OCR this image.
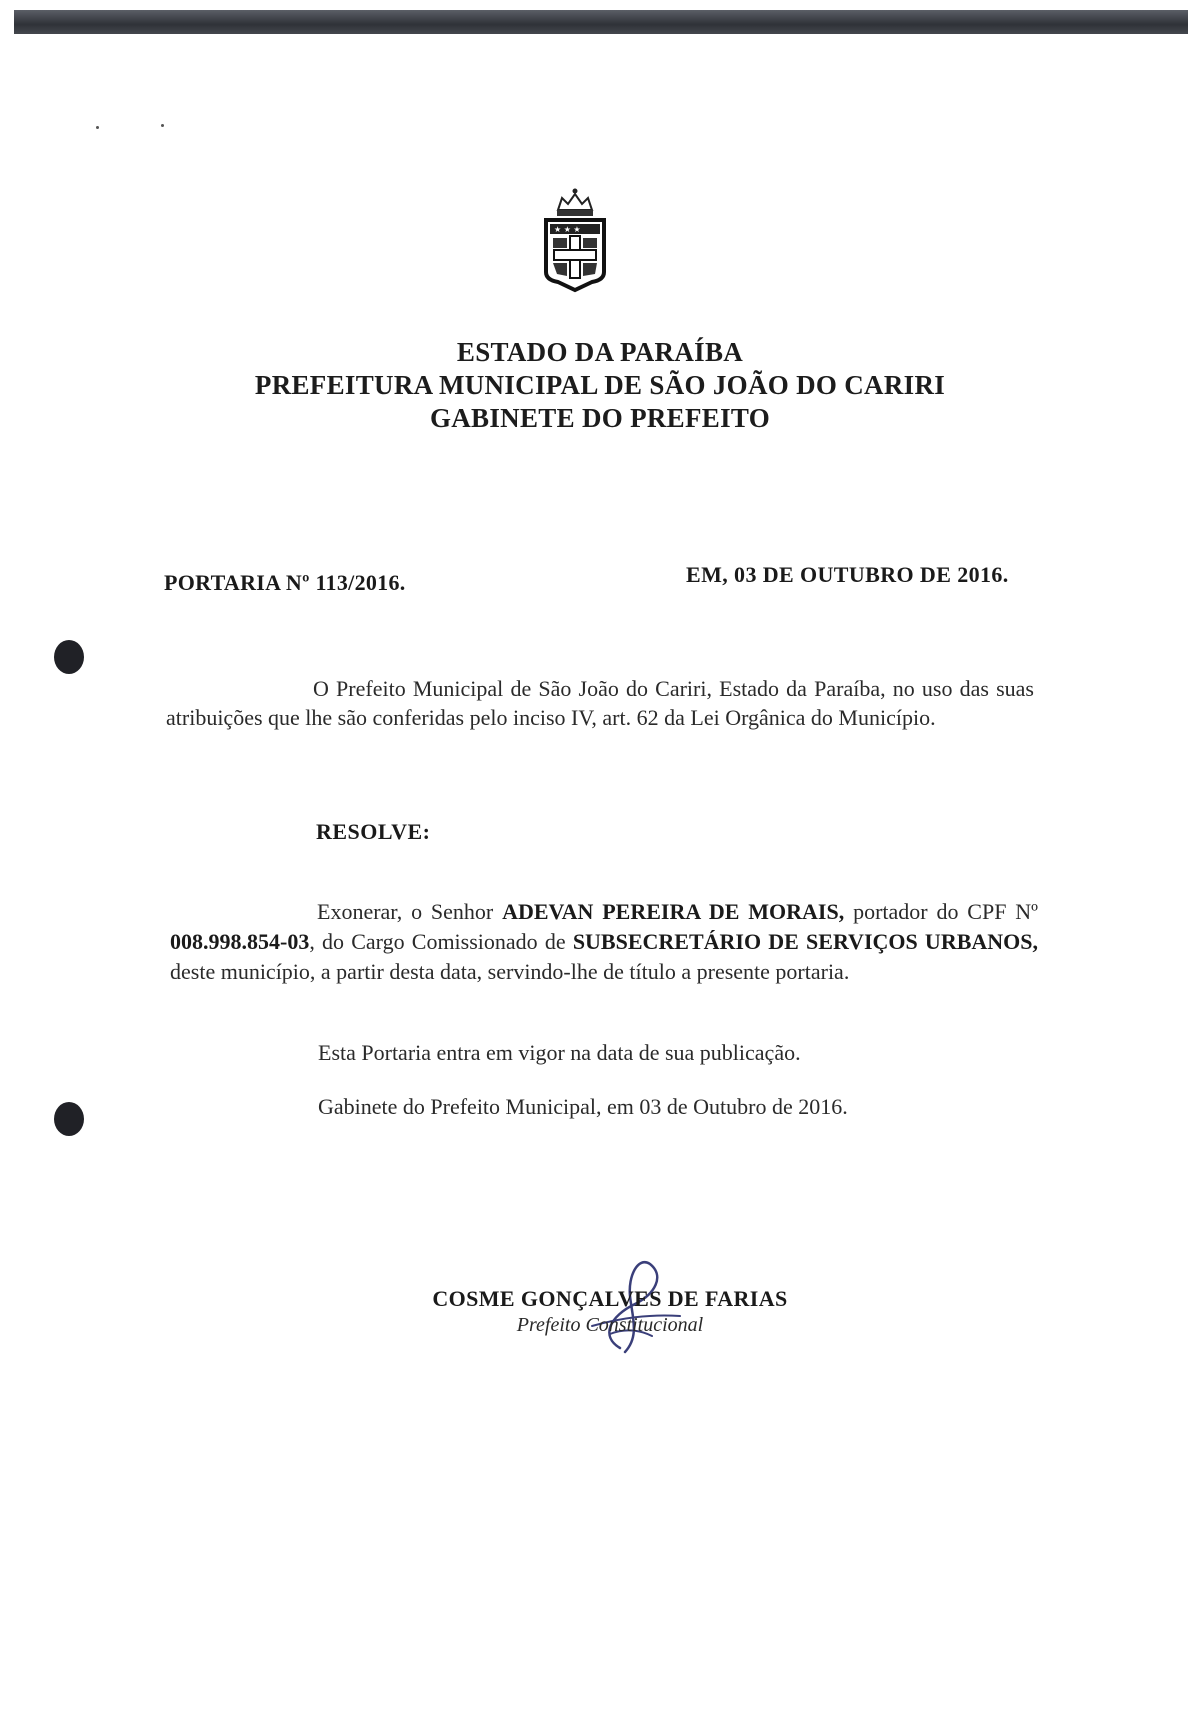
★ ★ ★
ESTADO DA PARAÍBA
PREFEITURA MUNICIPAL DE SÃO JOÃO DO CARIRI
GABINETE DO PREFEITO
PORTARIA Nº 113/2016.	EM, 03 DE OUTUBRO DE 2016.
O Prefeito Municipal de São João do Cariri, Estado da Paraíba, no uso das suas atribuições que lhe são conferidas pelo inciso IV, art. 62 da Lei Orgânica do Município.
RESOLVE:
Exonerar, o Senhor ADEVAN PEREIRA DE MORAIS, portador do CPF Nº 008.998.854-03, do Cargo Comissionado de SUBSECRETÁRIO DE SERVIÇOS URBANOS, deste município, a partir desta data, servindo-lhe de título a presente portaria.
Esta Portaria entra em vigor na data de sua publicação.
Gabinete do Prefeito Municipal, em 03 de Outubro de 2016.
COSME GONÇALVES DE FARIAS
Prefeito Constitucional
